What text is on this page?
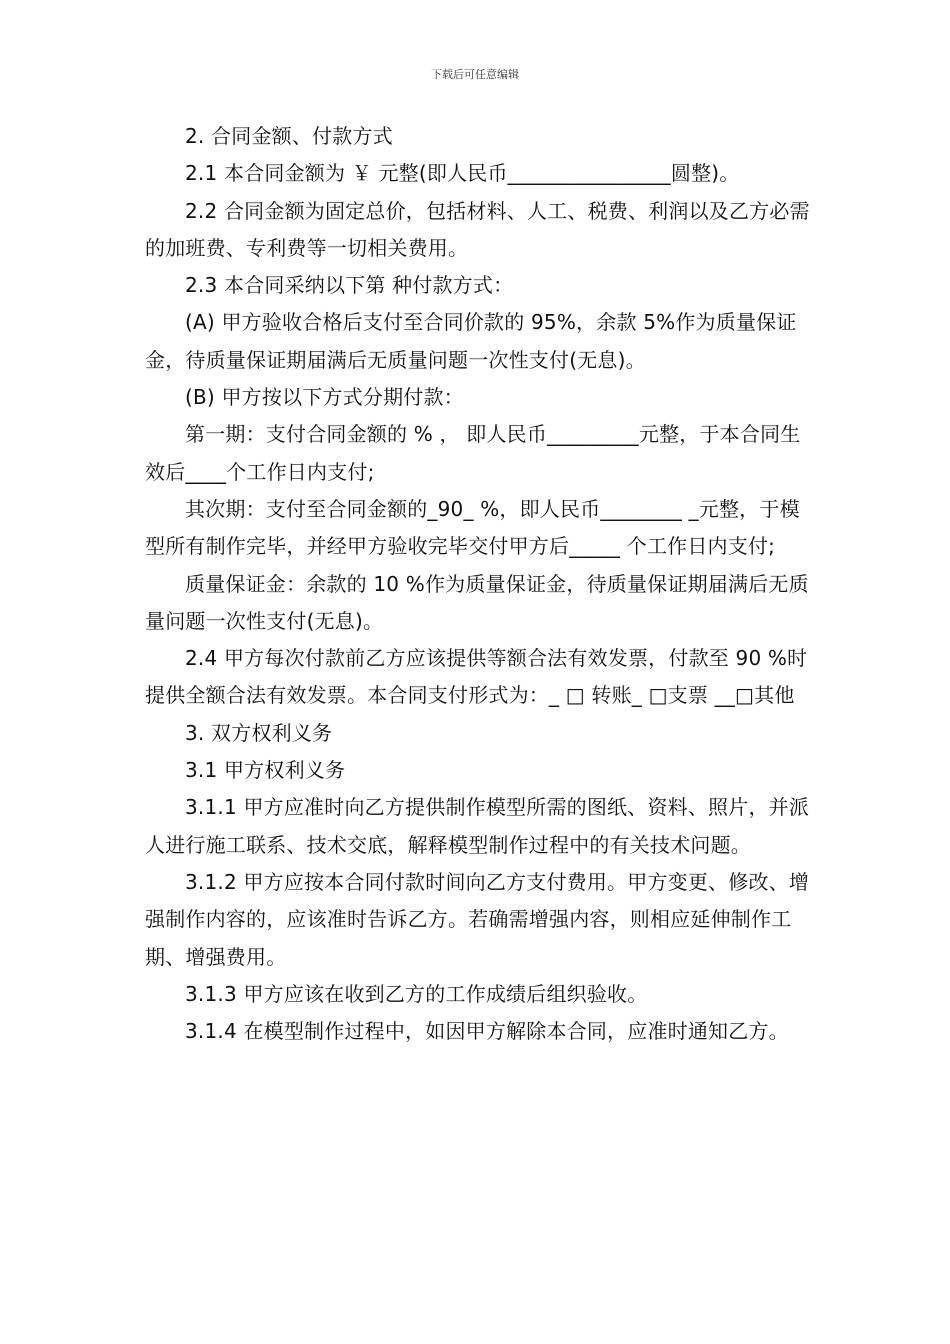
下载后可任意编辑

2. 合同金额、付款方式

2.1 本合同金额为 ￥ 元整(即人民币________________圆整)。

2.2 合同金额为固定总价，包括材料、人工、税费、利润以及乙方必需的加班费、专利费等一切相关费用。

2.3 本合同采纳以下第 种付款方式：

(A) 甲方验收合格后支付至合同价款的 95%，余款 5%作为质量保证金，待质量保证期届满后无质量问题一次性支付(无息)。

(B) 甲方按以下方式分期付款：

第一期：支付合同金额的 % ， 即人民币_________元整，于本合同生效后____个工作日内支付;

其次期：支付至合同金额的_90_ %，即人民币________ _元整，于模型所有制作完毕，并经甲方验收完毕交付甲方后_____ 个工作日内支付;

质量保证金：余款的 10 %作为质量保证金，待质量保证期届满后无质量问题一次性支付(无息)。

2.4 甲方每次付款前乙方应该提供等额合法有效发票，付款至 90 %时提供全额合法有效发票。本合同支付形式为：_ □ 转账_ □支票 __□其他

3. 双方权利义务

3.1 甲方权利义务

3.1.1 甲方应准时向乙方提供制作模型所需的图纸、资料、照片，并派人进行施工联系、技术交底，解释模型制作过程中的有关技术问题。

3.1.2 甲方应按本合同付款时间向乙方支付费用。甲方变更、修改、增强制作内容的，应该准时告诉乙方。若确需增强内容，则相应延伸制作工期、增强费用。

3.1.3 甲方应该在收到乙方的工作成绩后组织验收。

3.1.4 在模型制作过程中，如因甲方解除本合同，应准时通知乙方。
